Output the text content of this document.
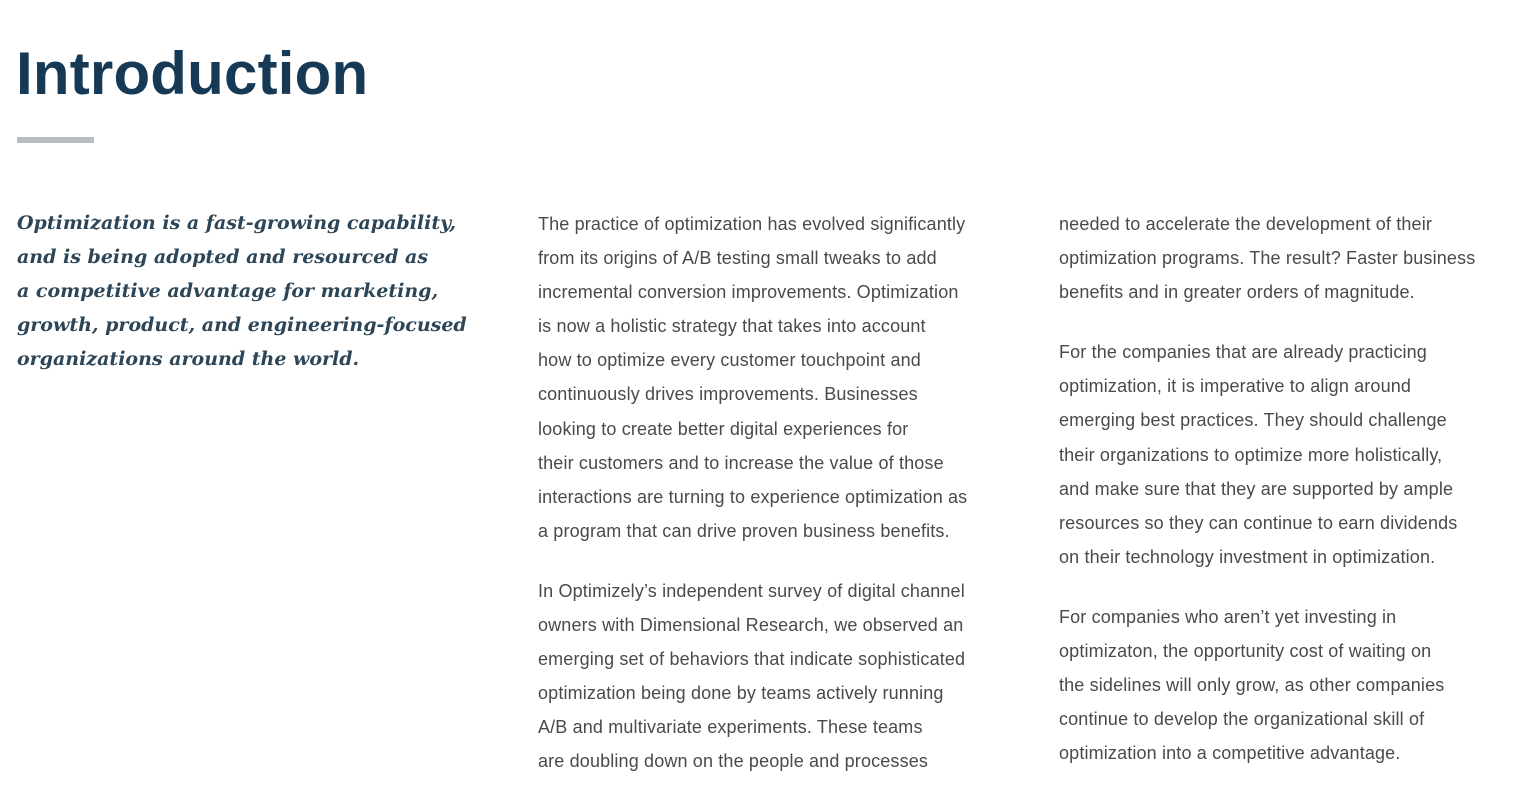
Introduction

Optimization is a fast-growing capability,
and is being adopted and resourced as
a competitive advantage for marketing,
growth, product, and engineering-focused
organizations around the world.

The practice of optimization has evolved significantly
from its origins of A/B testing small tweaks to add
incremental conversion improvements. Optimization
is now a holistic strategy that takes into account
how to optimize every customer touchpoint and
continuously drives improvements. Businesses
looking to create better digital experiences for
their customers and to increase the value of those
interactions are turning to experience optimization as
a program that can drive proven business benefits.

In Optimizely’s independent survey of digital channel
owners with Dimensional Research, we observed an
emerging set of behaviors that indicate sophisticated
optimization being done by teams actively running
A/B and multivariate experiments. These teams
are doubling down on the people and processes

needed to accelerate the development of their
optimization programs. The result? Faster business
benefits and in greater orders of magnitude.

For the companies that are already practicing
optimization, it is imperative to align around
emerging best practices. They should challenge
their organizations to optimize more holistically,
and make sure that they are supported by ample
resources so they can continue to earn dividends
on their technology investment in optimization.

For companies who aren’t yet investing in
optimizaton, the opportunity cost of waiting on
the sidelines will only grow, as other companies
continue to develop the organizational skill of
optimization into a competitive advantage.
